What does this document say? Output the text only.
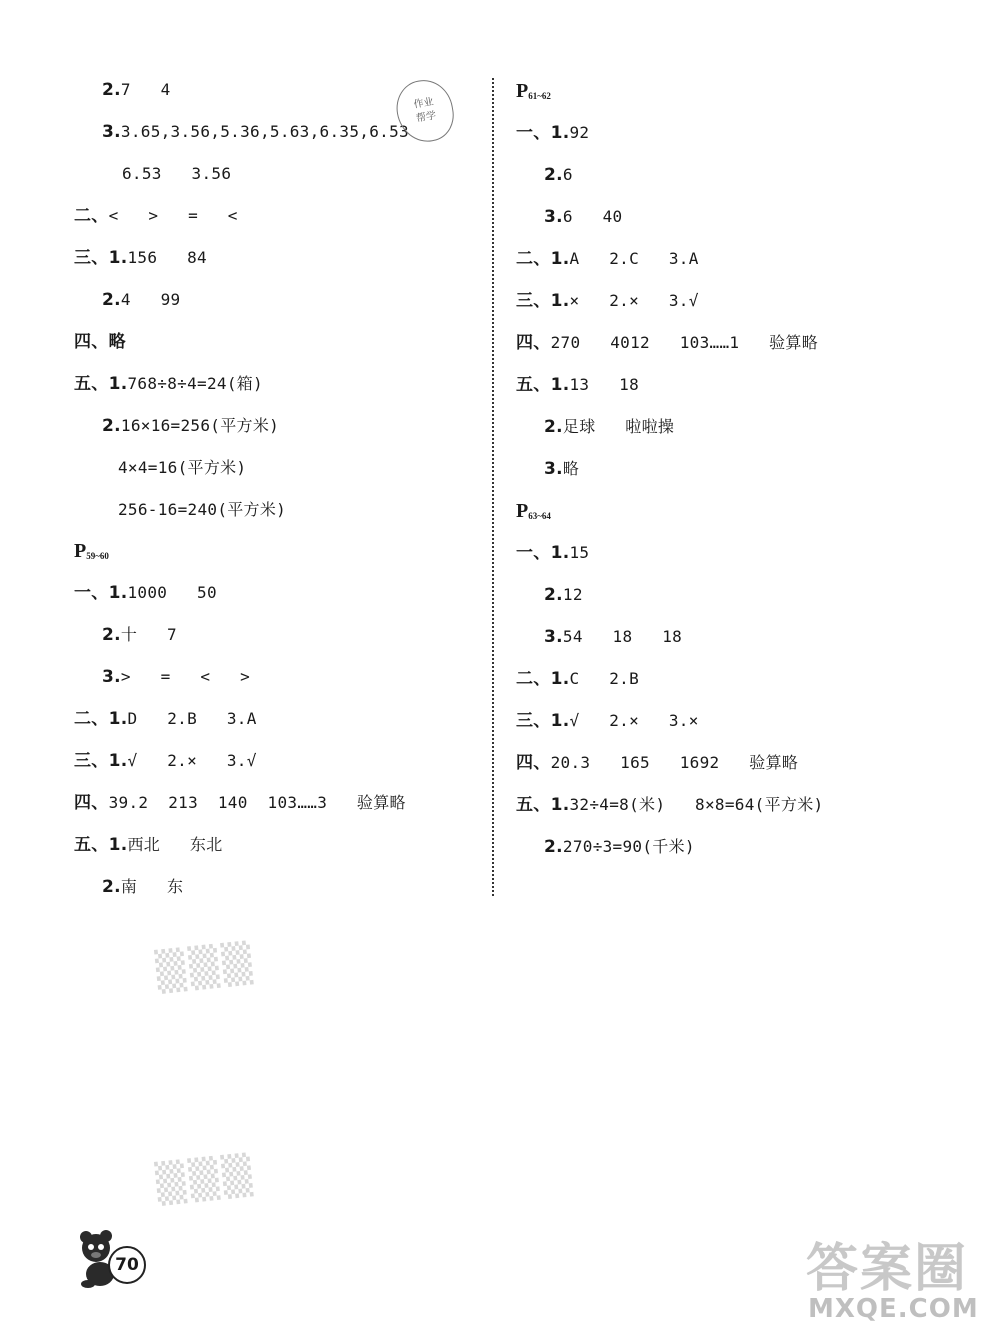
2.7   4
3.3.65,3.56,5.36,5.63,6.35,6.53
6.53   3.56
二、<   >   =   <
三、1.156   84
2.4   99
四、略
五、1.768÷8÷4=24(箱)
2.16×16=256(平方米)
4×4=16(平方米)
256-16=240(平方米)
$P_{59\sim 60}$
一、1.1000   50
2.十   7
3.>   =   <   >
二、1.D   2.B   3.A
三、1.√   2.×   3.√
四、39.2  213  140  103……3   验算略
五、1.西北   东北
2.南   东
$P_{61\sim 62}$
一、1.92
2.6
3.6   40
二、1.A   2.C   3.A
三、1.×   2.×   3.√
四、270   4012   103……1   验算略
五、1.13   18
2.足球   啦啦操
3.略
$P_{63\sim 64}$
一、1.15
2.12
3.54   18   18
二、1.C   2.B
三、1.√   2.×   3.×
四、20.3   165   1692   验算略
五、1.32÷4=8(米)   8×8=64(平方米)
2.270÷3=90(千米)
作业
帮学
▒▒▒
▒▒▒
70	答案圈
MXQE.COM
